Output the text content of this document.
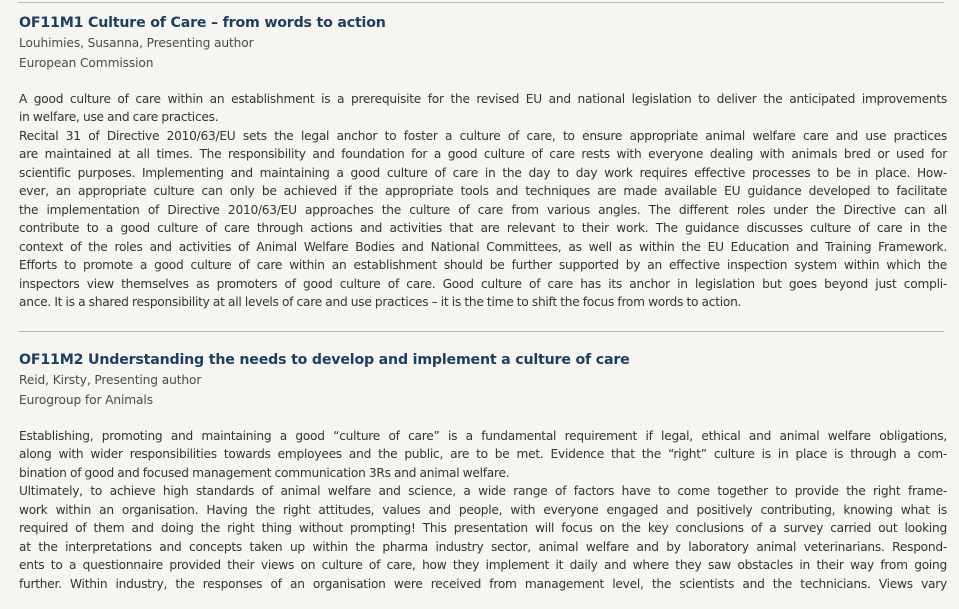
OF11M1 Culture of Care – from words to action

Louhimies, Susanna, Presenting author

European Commission

A good culture of care within an establishment is a prerequisite for the revised EU and national legislation to deliver the anticipated improvements
in welfare, use and care practices.
Recital 31 of Directive 2010/63/EU sets the legal anchor to foster a culture of care, to ensure appropriate animal welfare care and use practices
are maintained at all times. The responsibility and foundation for a good culture of care rests with everyone dealing with animals bred or used for
scientific purposes. Implementing and maintaining a good culture of care in the day to day work requires effective processes to be in place. How-
ever, an appropriate culture can only be achieved if the appropriate tools and techniques are made available EU guidance developed to facilitate
the implementation of Directive 2010/63/EU approaches the culture of care from various angles. The different roles under the Directive can all
contribute to a good culture of care through actions and activities that are relevant to their work. The guidance discusses culture of care in the
context of the roles and activities of Animal Welfare Bodies and National Committees, as well as within the EU Education and Training Framework.
Efforts to promote a good culture of care within an establishment should be further supported by an effective inspection system within which the
inspectors view themselves as promoters of good culture of care. Good culture of care has its anchor in legislation but goes beyond just compli-
ance. It is a shared responsibility at all levels of care and use practices – it is the time to shift the focus from words to action.

OF11M2 Understanding the needs to develop and implement a culture of care

Reid, Kirsty, Presenting author

Eurogroup for Animals

Establishing, promoting and maintaining a good “culture of care” is a fundamental requirement if legal, ethical and animal welfare obligations,
along with wider responsibilities towards employees and the public, are to be met. Evidence that the “right” culture is in place is through a com-
bination of good and focused management communication 3Rs and animal welfare.
Ultimately, to achieve high standards of animal welfare and science, a wide range of factors have to come together to provide the right frame-
work within an organisation. Having the right attitudes, values and people, with everyone engaged and positively contributing, knowing what is
required of them and doing the right thing without prompting! This presentation will focus on the key conclusions of a survey carried out looking
at the interpretations and concepts taken up within the pharma industry sector, animal welfare and by laboratory animal veterinarians. Respond-
ents to a questionnaire provided their views on culture of care, how they implement it daily and where they saw obstacles in their way from going
further. Within industry, the responses of an organisation were received from management level, the scientists and the technicians. Views vary
